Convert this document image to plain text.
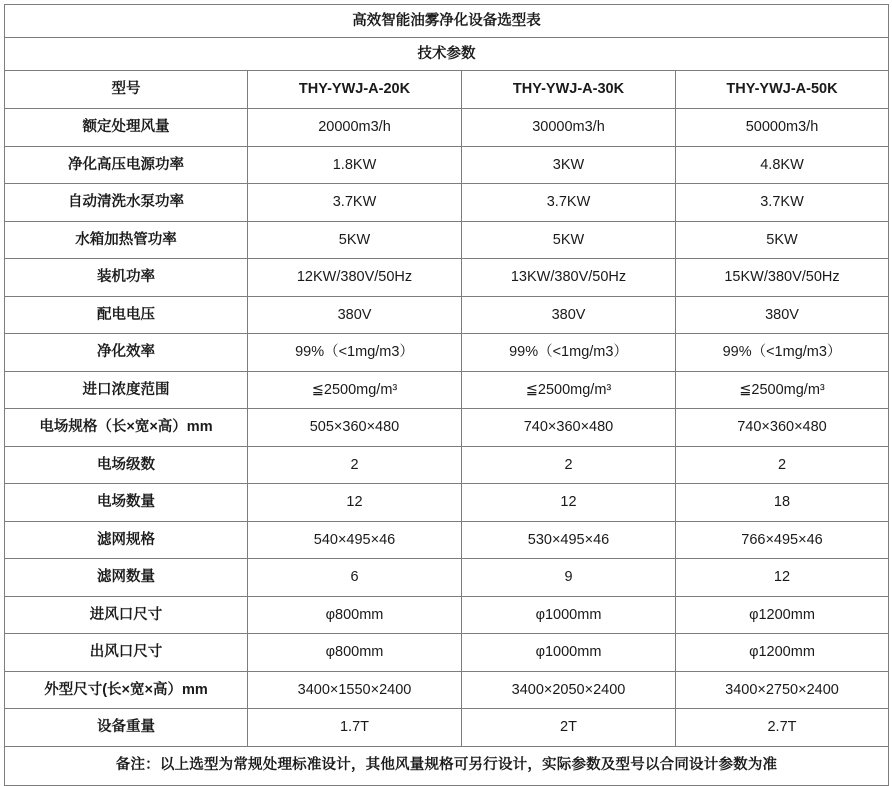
高效智能油雾净化设备选型表			
技术参数			
型号	THY-YWJ-A-20K	THY-YWJ-A-30K	THY-YWJ-A-50K
额定处理风量	20000m3/h	30000m3/h	50000m3/h
净化高压电源功率	1.8KW	3KW	4.8KW
自动清洗水泵功率	3.7KW	3.7KW	3.7KW
水箱加热管功率	5KW	5KW	5KW
装机功率	12KW/380V/50Hz	13KW/380V/50Hz	15KW/380V/50Hz
配电电压	380V	380V	380V
净化效率	99%（<1mg/m3）	99%（<1mg/m3）	99%（<1mg/m3）
进口浓度范围	≦2500mg/m³	≦2500mg/m³	≦2500mg/m³
电场规格（长×宽×高）mm	505×360×480	740×360×480	740×360×480
电场级数	2	2	2
电场数量	12	12	18
滤网规格	540×495×46	530×495×46	766×495×46
滤网数量	6	9	12
进风口尺寸	φ800mm	φ1000mm	φ1200mm
出风口尺寸	φ800mm	φ1000mm	φ1200mm
外型尺寸(长×宽×高）mm	3400×1550×2400	3400×2050×2400	3400×2750×2400
设备重量	1.7T	2T	2.7T
备注：以上选型为常规处理标准设计，其他风量规格可另行设计，实际参数及型号以合同设计参数为准			
